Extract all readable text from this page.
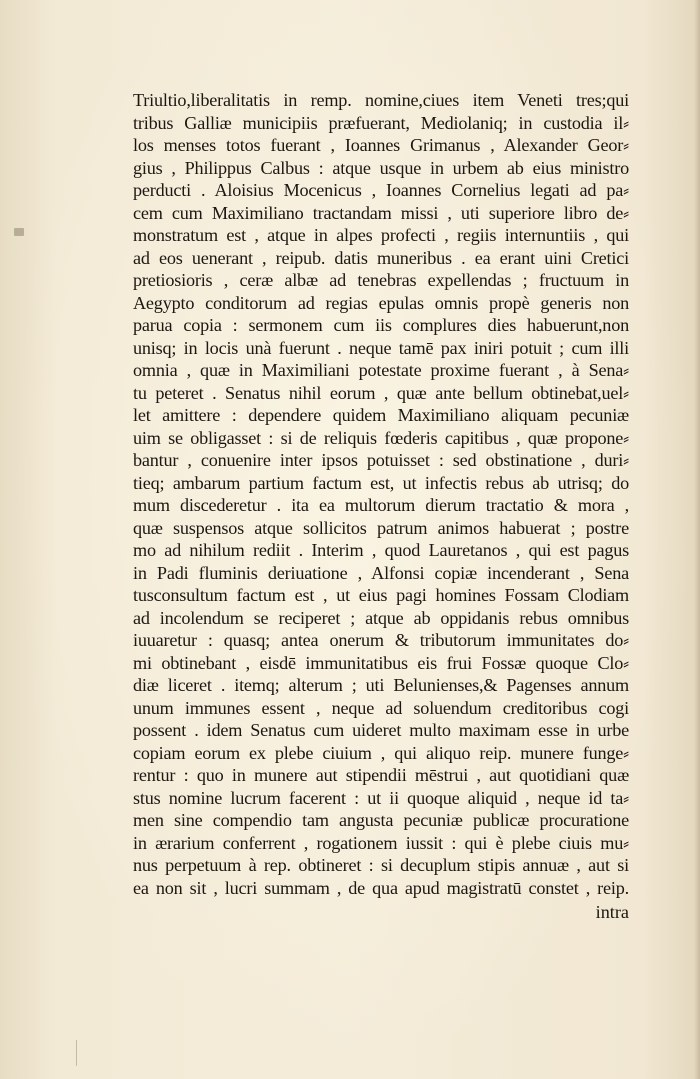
Triultio,liberalitatis in remp. nomine,ciues item Veneti tres;qui
tribus Galliæ municipiis præfuerant, Mediolaniq; in custodia il⸗
los menses totos fuerant , Ioannes Grimanus , Alexander Geor⸗
gius , Philippus Calbus : atque usque in urbem ab eius ministro
perducti . Aloisius Mocenicus , Ioannes Cornelius legati ad pa⸗
cem cum Maximiliano tractandam missi , uti superiore libro de⸗
monstratum est , atque in alpes profecti , regiis internuntiis , qui
ad eos uenerant , reipub. datis muneribus . ea erant uini Cretici
pretiosioris , ceræ albæ ad tenebras expellendas ; fructuum in
Aegypto conditorum ad regias epulas omnis propè generis non
parua copia : sermonem cum iis complures dies habuerunt,non
unisq; in locis unà fuerunt . neque tamē pax iniri potuit ; cum illi
omnia , quæ in Maximiliani potestate proxime fuerant , à Sena⸗
tu peteret . Senatus nihil eorum , quæ ante bellum obtinebat,uel⸗
let amittere : dependere quidem Maximiliano aliquam pecuniæ
uim se obligasset : si de reliquis fœderis capitibus , quæ propone⸗
bantur , conuenire inter ipsos potuisset : sed obstinatione , duri⸗
tieq; ambarum partium factum est, ut infectis rebus ab utrisq; do
mum discederetur . ita ea multorum dierum tractatio & mora ,
quæ suspensos atque sollicitos patrum animos habuerat ; postre
mo ad nihilum rediit . Interim , quod Lauretanos , qui est pagus
in Padi fluminis deriuatione , Alfonsi copiæ incenderant , Sena
tusconsultum factum est , ut eius pagi homines Fossam Clodiam
ad incolendum se reciperet ; atque ab oppidanis rebus omnibus
iuuaretur : quasq; antea onerum & tributorum immunitates do⸗
mi obtinebant , eisdē immunitatibus eis frui Fossæ quoque Clo⸗
diæ liceret . itemq; alterum ; uti Belunienses,& Pagenses annum
unum immunes essent , neque ad soluendum creditoribus cogi
possent . idem Senatus cum uideret multo maximam esse in urbe
copiam eorum ex plebe ciuium , qui aliquo reip. munere funge⸗
rentur : quo in munere aut stipendii mēstrui , aut quotidiani quæ
stus nomine lucrum facerent : ut ii quoque aliquid , neque id ta⸗
men sine compendio tam angusta pecuniæ publicæ procuratione
in ærarium conferrent , rogationem iussit : qui è plebe ciuis mu⸗
nus perpetuum à rep. obtineret : si decuplum stipis annuæ , aut si
ea non sit , lucri summam , de qua apud magistratū constet , reip.
intra
